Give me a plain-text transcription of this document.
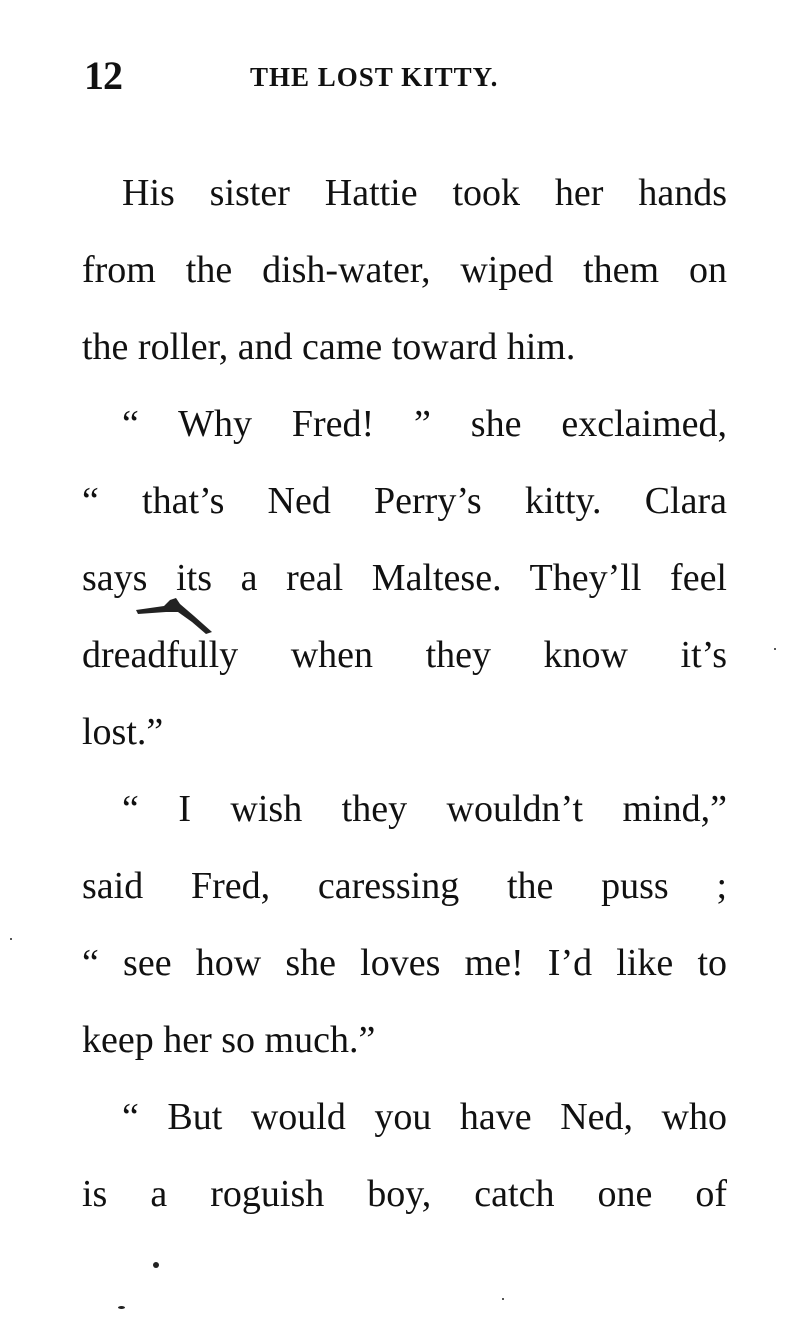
12	THE LOST KITTY.
His sister Hattie took her hands
from the dish-water, wiped them on
the roller, and came toward him.
“ Why Fred! ” she exclaimed,
“ that’s Ned Perry’s kitty. Clara
says its a real Maltese. They’ll feel
dreadfully when they know it’s
lost.”
“ I wish they wouldn’t mind,”
said Fred, caressing the puss ;
“ see how she loves me! I’d like to
keep her so much.”
“ But would you have Ned, who
is a roguish boy, catch one of
